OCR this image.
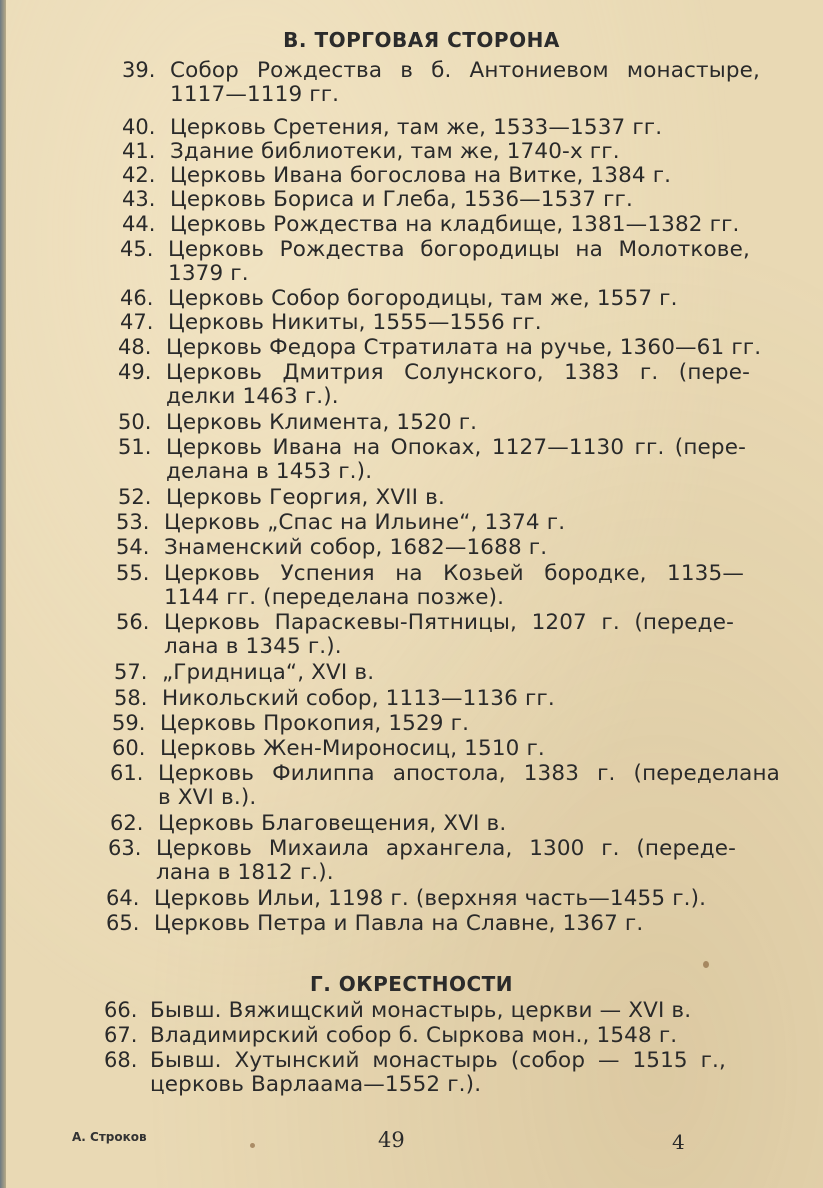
В. ТОРГОВАЯ СТОРОНА
39. Собор Рождества в б. Антониевом монастыре,
1117—1119 гг.
40. Церковь Сретения, там же, 1533—1537 гг.
41. Здание библиотеки, там же, 1740-х гг.
42. Церковь Ивана богослова на Витке, 1384 г.
43. Церковь Бориса и Глеба, 1536—1537 гг.
44. Церковь Рождества на кладбище, 1381—1382 гг.
45. Церковь Рождества богородицы на Молоткове,
1379 г.
46. Церковь Собор богородицы, там же, 1557 г.
47. Церковь Никиты, 1555—1556 гг.
48. Церковь Федора Стратилата на ручье, 1360—61 гг.
49. Церковь Дмитрия Солунского, 1383 г. (пере-
делки 1463 г.).
50. Церковь Климента, 1520 г.
51. Церковь Ивана на Опоках, 1127—1130 гг. (пере-
делана в 1453 г.).
52. Церковь Георгия, XVII в.
53. Церковь „Спас на Ильине“, 1374 г.
54. Знаменский собор, 1682—1688 г.
55. Церковь Успения на Козьей бородке, 1135—
1144 гг. (переделана позже).
56. Церковь Параскевы-Пятницы, 1207 г. (переде-
лана в 1345 г.).
57. „Гридница“, XVI в.
58. Никольский собор, 1113—1136 гг.
59. Церковь Прокопия, 1529 г.
60. Церковь Жен-Мироносиц, 1510 г.
61. Церковь Филиппа апостола, 1383 г. (переделана
в XVI в.).
62. Церковь Благовещения, XVI в.
63. Церковь Михаила архангела, 1300 г. (переде-
лана в 1812 г.).
64. Церковь Ильи, 1198 г. (верхняя часть—1455 г.).
65. Церковь Петра и Павла на Славне, 1367 г.
66. Бывш. Вяжищский монастырь, церкви — XVI в.
67. Владимирский собор б. Сыркова мон., 1548 г.
68. Бывш. Хутынский монастырь (собор — 1515 г.,
церковь Варлаама—1552 г.).
Г. ОКРЕСТНОСТИ
А. Строков	49	4
